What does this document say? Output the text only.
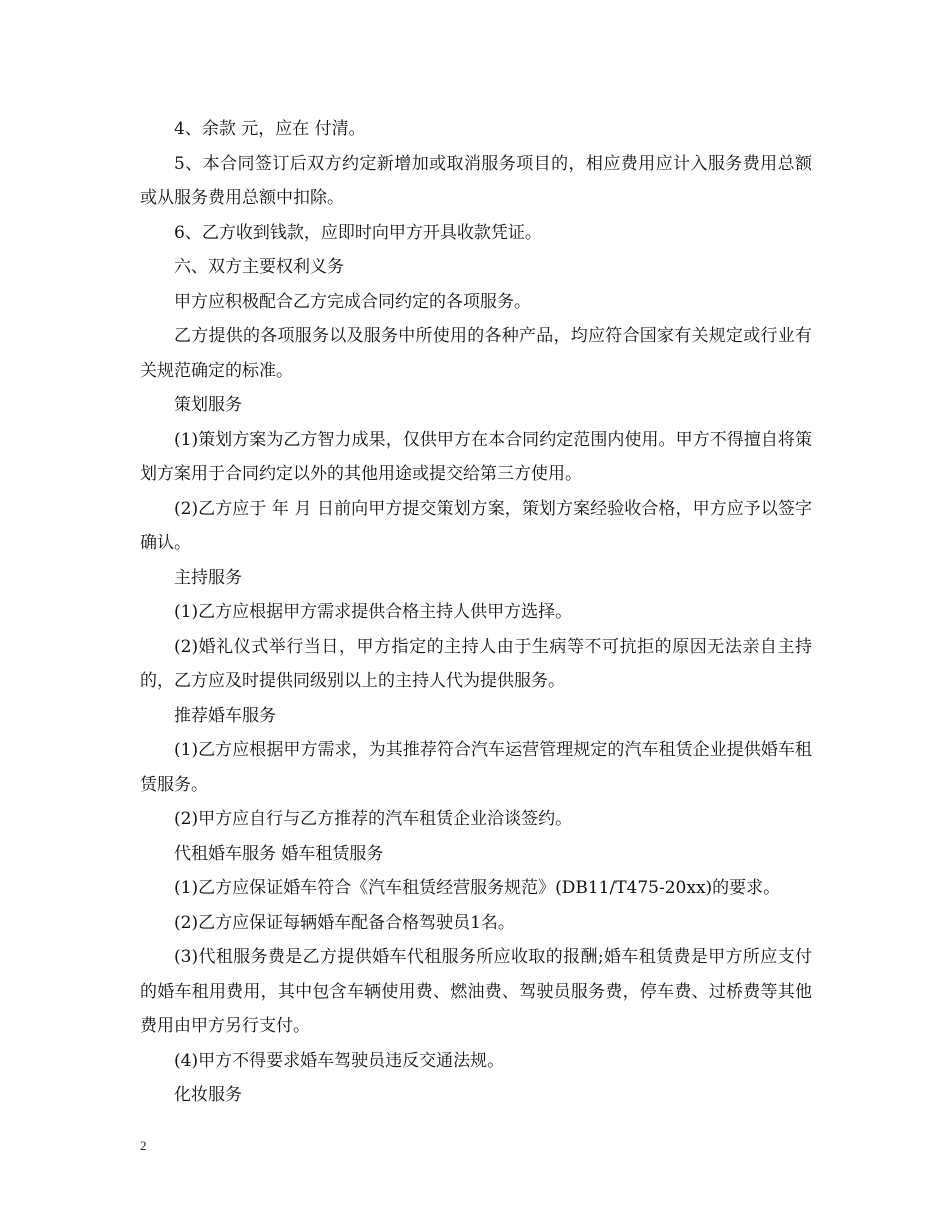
4、余款 元，应在 付清。

5、本合同签订后双方约定新增加或取消服务项目的，相应费用应计入服务费用总额或从服务费用总额中扣除。

6、乙方收到钱款，应即时向甲方开具收款凭证。

六、双方主要权利义务

甲方应积极配合乙方完成合同约定的各项服务。

乙方提供的各项服务以及服务中所使用的各种产品，均应符合国家有关规定或行业有关规范确定的标准。

策划服务

(1)策划方案为乙方智力成果，仅供甲方在本合同约定范围内使用。甲方不得擅自将策划方案用于合同约定以外的其他用途或提交给第三方使用。

(2)乙方应于 年 月 日前向甲方提交策划方案，策划方案经验收合格，甲方应予以签字确认。

主持服务

(1)乙方应根据甲方需求提供合格主持人供甲方选择。

(2)婚礼仪式举行当日，甲方指定的主持人由于生病等不可抗拒的原因无法亲自主持的，乙方应及时提供同级别以上的主持人代为提供服务。

推荐婚车服务

(1)乙方应根据甲方需求，为其推荐符合汽车运营管理规定的汽车租赁企业提供婚车租赁服务。

(2)甲方应自行与乙方推荐的汽车租赁企业洽谈签约。

代租婚车服务 婚车租赁服务

(1)乙方应保证婚车符合《汽车租赁经营服务规范》(DB11/T475-20xx)的要求。

(2)乙方应保证每辆婚车配备合格驾驶员1名。

(3)代租服务费是乙方提供婚车代租服务所应收取的报酬;婚车租赁费是甲方所应支付的婚车租用费用，其中包含车辆使用费、燃油费、驾驶员服务费，停车费、过桥费等其他费用由甲方另行支付。

(4)甲方不得要求婚车驾驶员违反交通法规。

化妆服务

2
